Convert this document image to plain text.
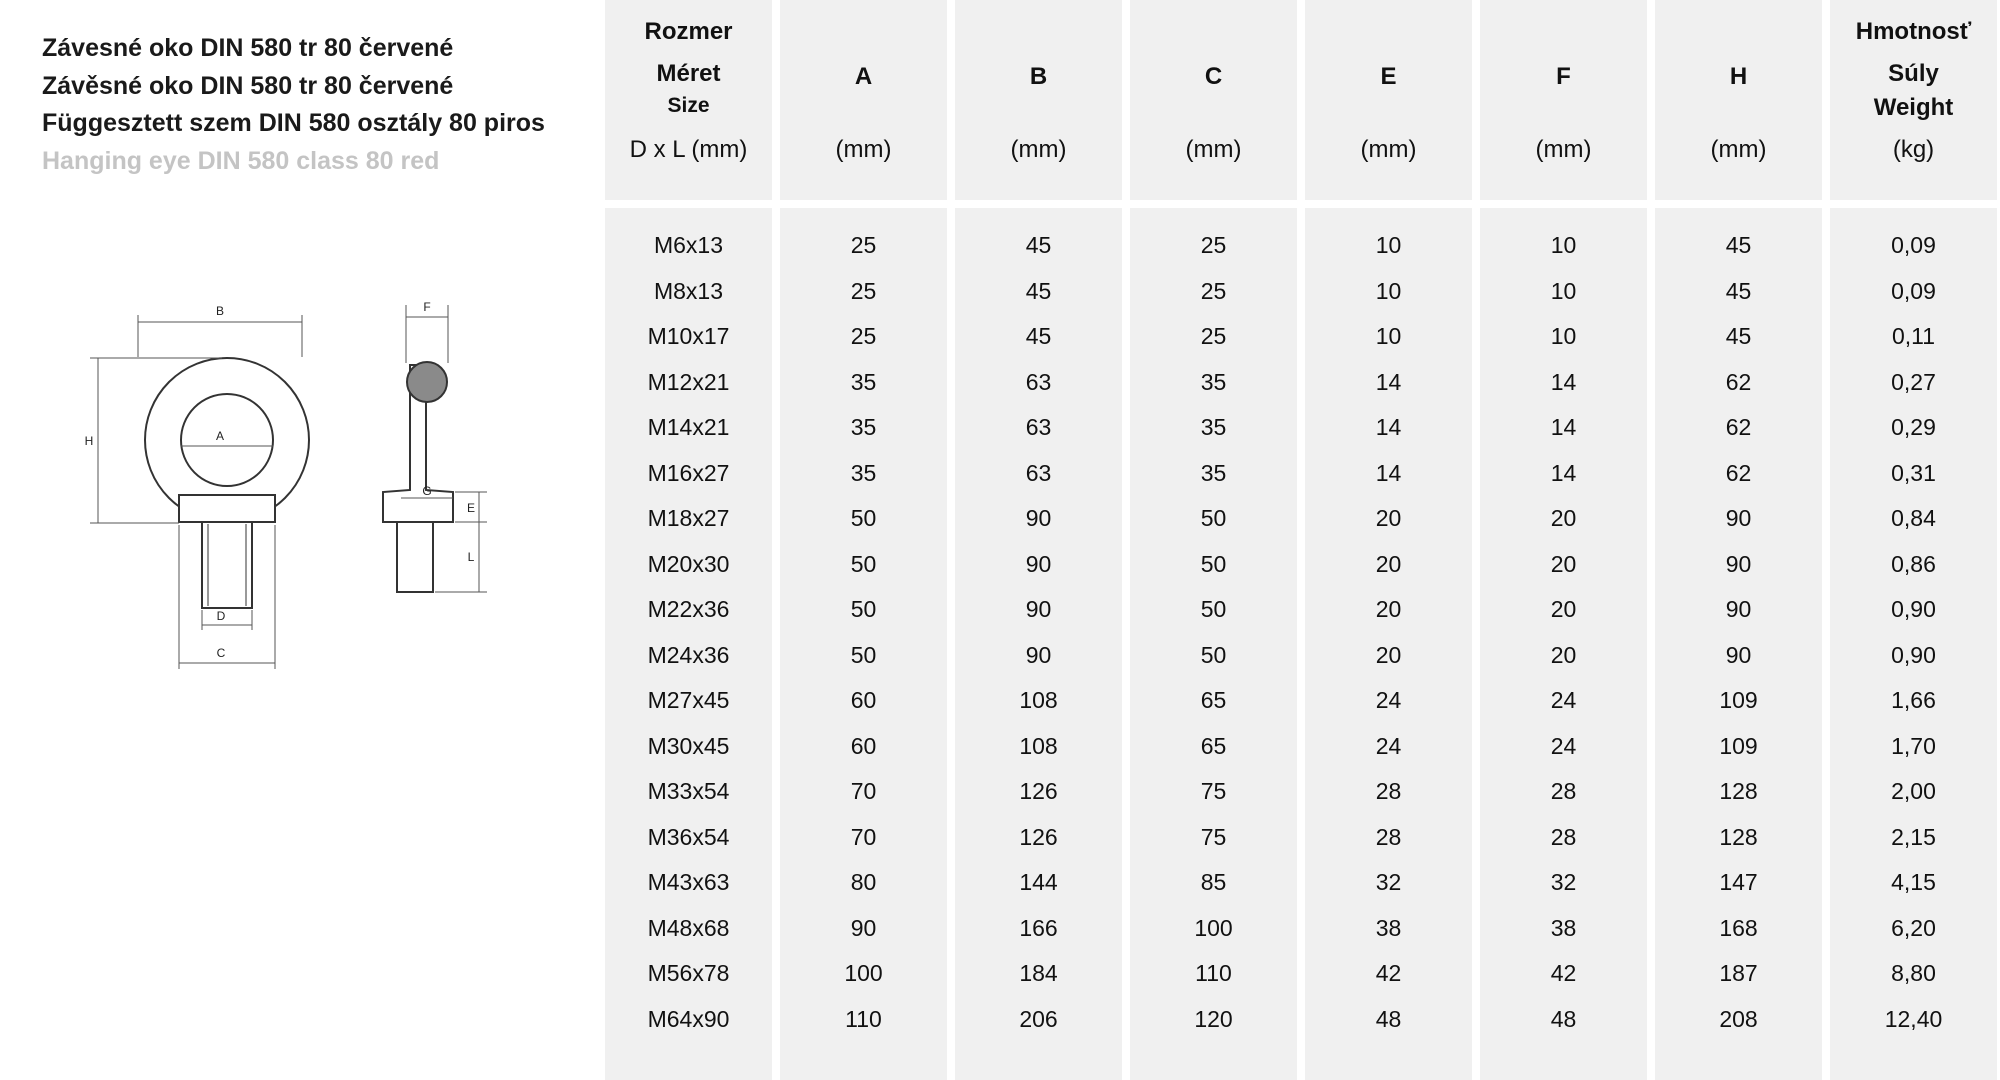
Závesné oko DIN 580 tr 80 červené
Závěsné oko DIN 580 tr 80 červené
Függesztett szem DIN 580 osztály 80 piros
Hanging eye DIN 580 class 80 red
B
H	A
D
C
F
G
E
L
Rozmer
Méret
Size
D x L (mm)
M6x13
M8x13
M10x17
M12x21
M14x21
M16x27
M18x27
M20x30
M22x36
M24x36
M27x45
M30x45
M33x54
M36x54
M43x63
M48x68
M56x78
M64x90
A
(mm)
25
25
25
35
35
35
50
50
50
50
60
60
70
70
80
90
100
110
B
(mm)
45
45
45
63
63
63
90
90
90
90
108
108
126
126
144
166
184
206
C
(mm)
25
25
25
35
35
35
50
50
50
50
65
65
75
75
85
100
110
120
E
(mm)
10
10
10
14
14
14
20
20
20
20
24
24
28
28
32
38
42
48
F
(mm)
10
10
10
14
14
14
20
20
20
20
24
24
28
28
32
38
42
48
H
(mm)
45
45
45
62
62
62
90
90
90
90
109
109
128
128
147
168
187
208
Hmotnosť
Súly
Weight
(kg)
0,09
0,09
0,11
0,27
0,29
0,31
0,84
0,86
0,90
0,90
1,66
1,70
2,00
2,15
4,15
6,20
8,80
12,40
